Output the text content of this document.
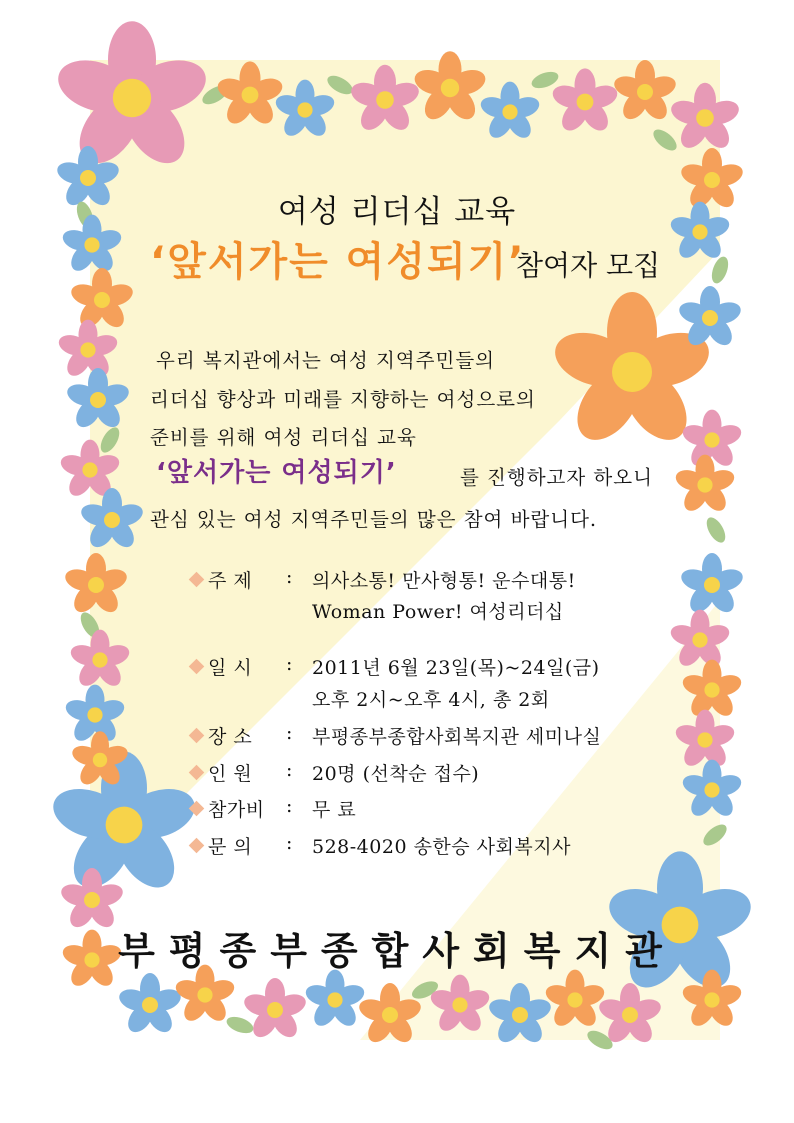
여성 리더십 교육
‘앞서가는 여성되기’
참여자 모집
우리 복지관에서는 여성 지역주민들의
리더십 향상과 미래를 지향하는 여성으로의
준비를 위해 여성 리더십 교육
‘앞서가는 여성되기’	를 진행하고자 하오니
관심 있는 여성 지역주민들의 많은 참여 바랍니다.
주 제 : 의사소통! 만사형통! 운수대통!
Woman Power! 여성리더십
일 시 : 2011년 6월 23일(목)~24일(금)
오후 2시~오후 4시, 총 2회
장 소 : 부평종부종합사회복지관 세미나실
인 원 : 20명 (선착순 접수)
참가비 : 무 료
문 의 : 528-4020 송한승 사회복지사
부평종부종합사회복지관
